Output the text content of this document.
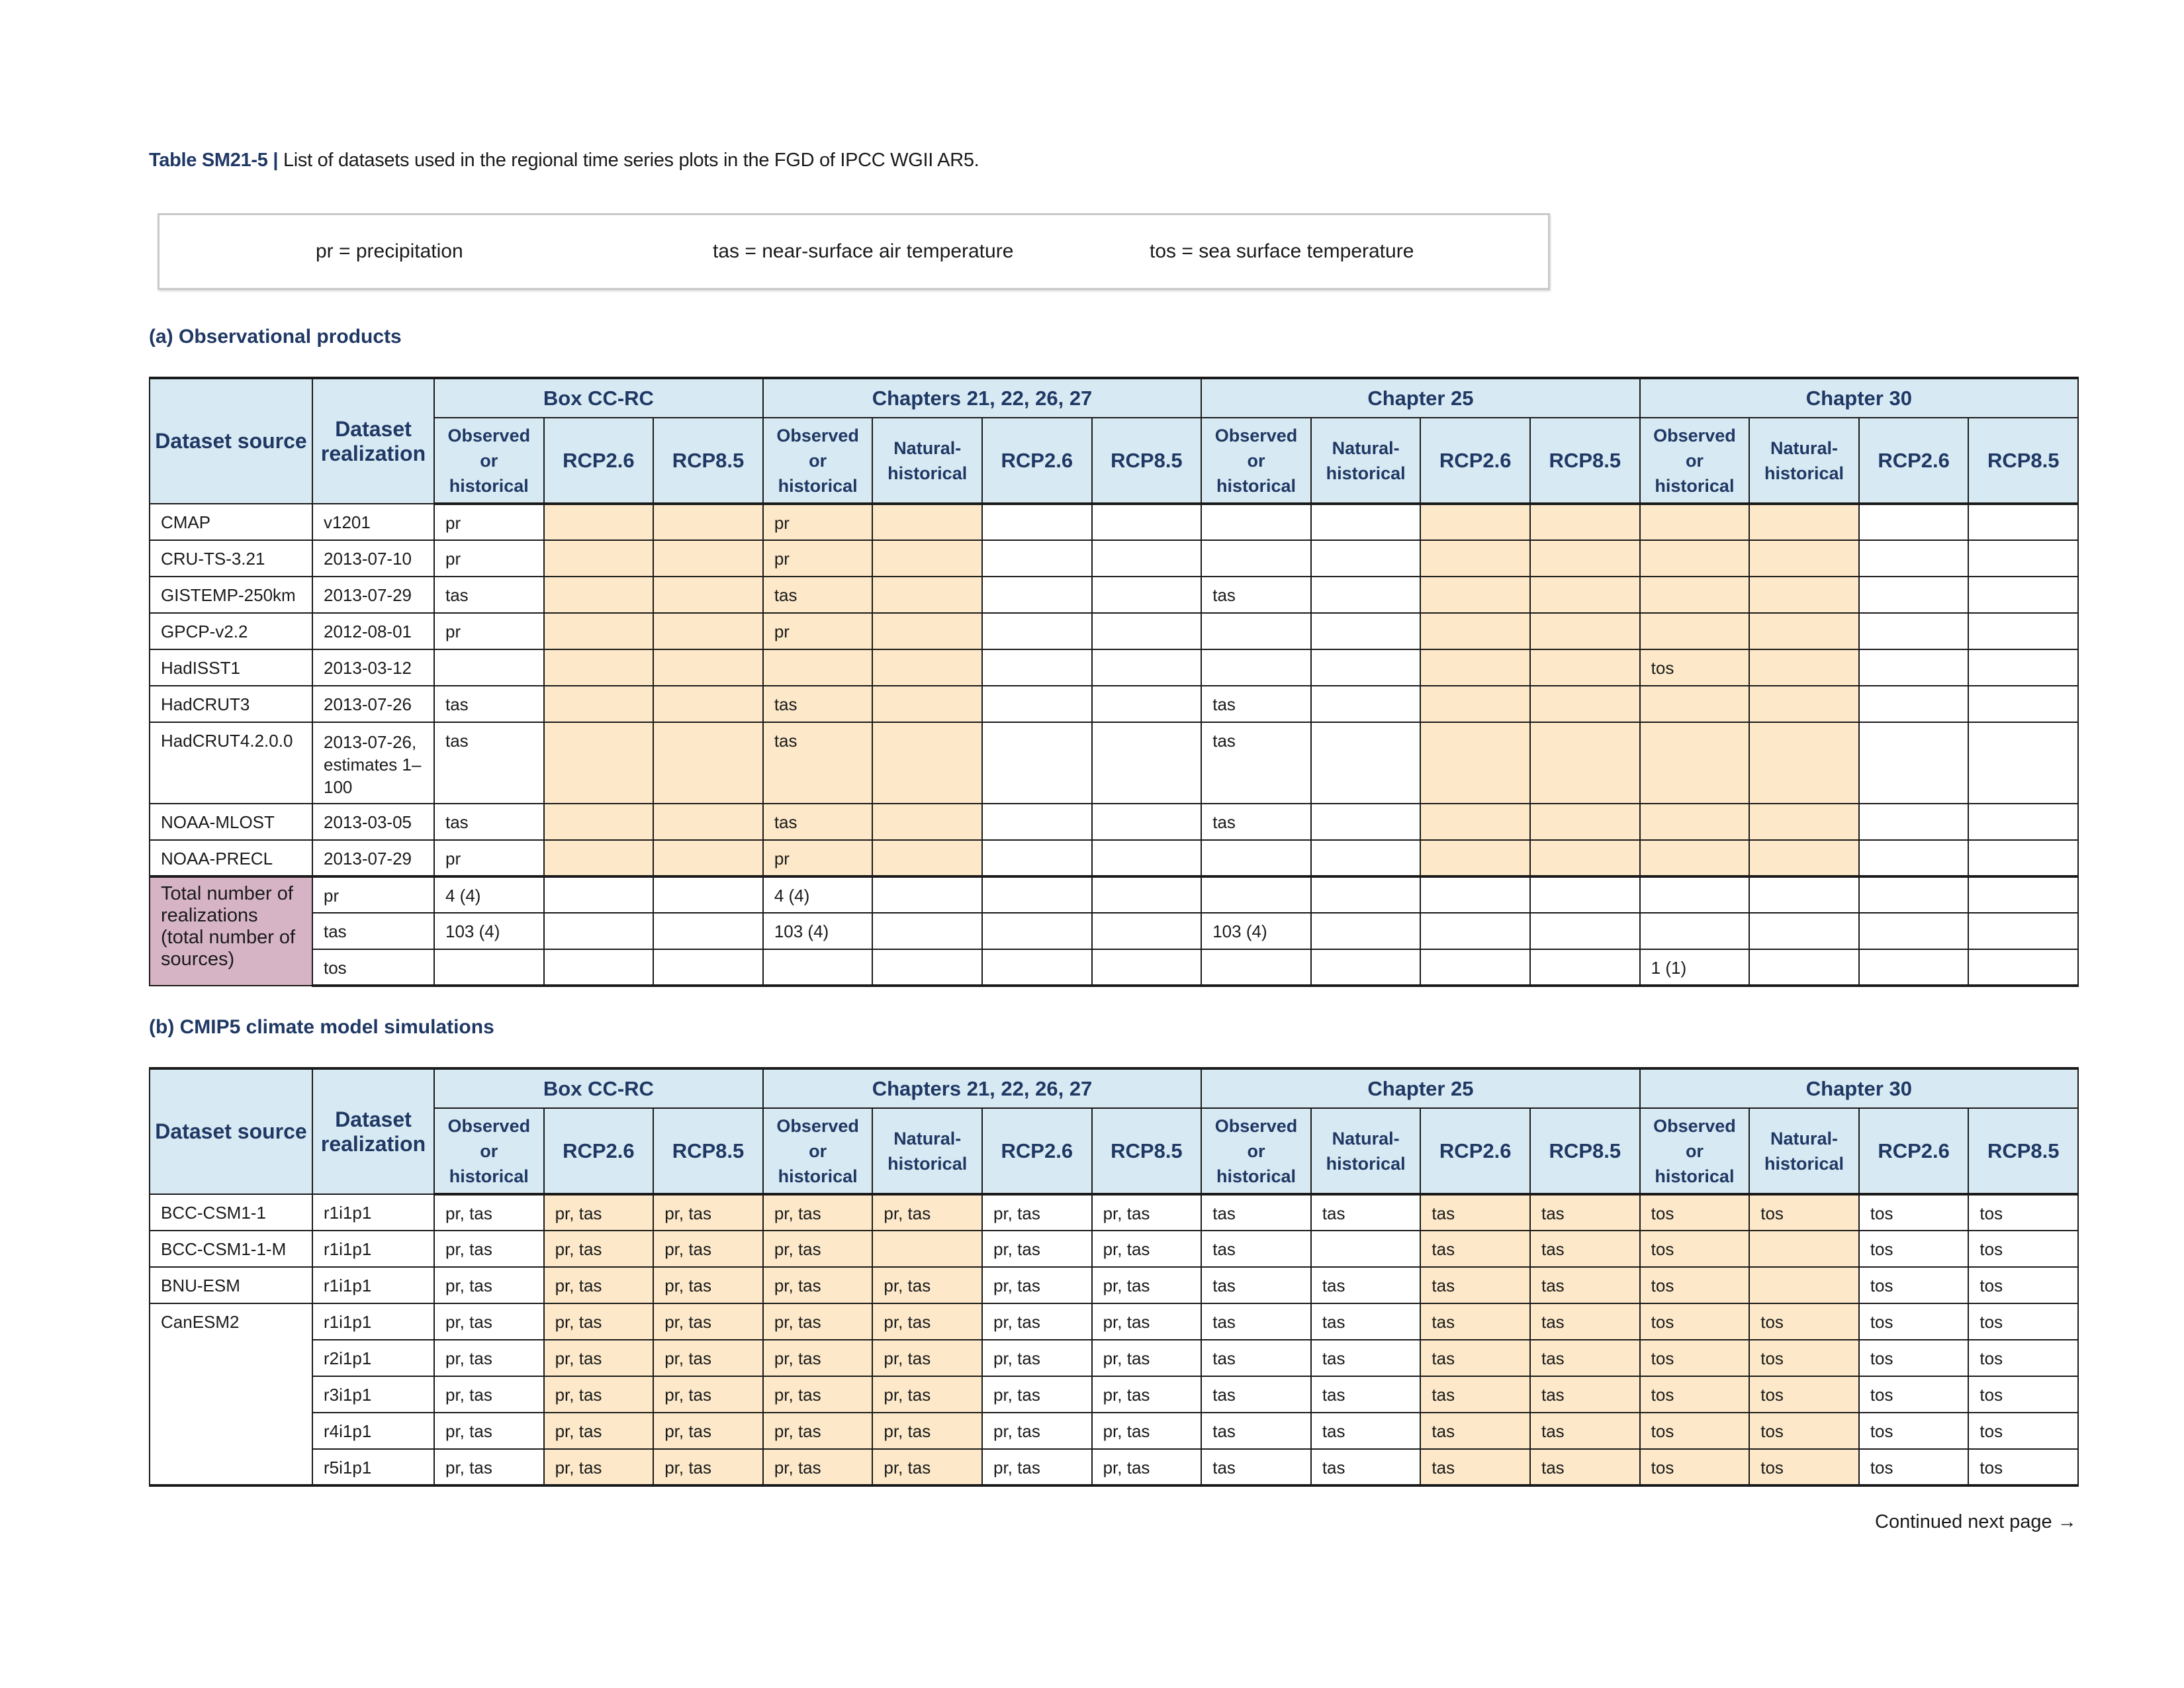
Table SM21-5 | List of datasets used in the regional time series plots in the FGD of IPCC WGII AR5.
pr = precipitation	tas = near-surface air temperature	tos = sea surface temperature
(a) Observational products
Dataset source	Dataset realization	Box CC-RC			Chapters 21, 22, 26, 27				Chapter 25				Chapter 30			
		Observed or historical	RCP2.6	RCP8.5	Observed or historical	Natural-historical	RCP2.6	RCP8.5	Observed or historical	Natural-historical	RCP2.6	RCP8.5	Observed or historical	Natural-historical	RCP2.6	RCP8.5
CMAP	v1201	pr			pr											
CRU-TS-3.21	2013-07-10	pr			pr											
GISTEMP-250km	2013-07-29	tas			tas				tas							
GPCP-v2.2	2012-08-01	pr			pr											
HadISST1	2013-03-12												tos			
HadCRUT3	2013-07-26	tas			tas				tas							
HadCRUT4.2.0.0	2013-07-26, estimates 1–100	tas			tas				tas							
NOAA-MLOST	2013-03-05	tas			tas				tas							
NOAA-PRECL	2013-07-29	pr			pr											
Total number of realizations (total number of sources)	pr	4 (4)			4 (4)											
	tas	103 (4)			103 (4)				103 (4)							
	tos												1 (1)			
(b) CMIP5 climate model simulations
Dataset source	Dataset realization	Box CC-RC			Chapters 21, 22, 26, 27				Chapter 25				Chapter 30			
		Observed or historical	RCP2.6	RCP8.5	Observed or historical	Natural-historical	RCP2.6	RCP8.5	Observed or historical	Natural-historical	RCP2.6	RCP8.5	Observed or historical	Natural-historical	RCP2.6	RCP8.5
BCC-CSM1-1	r1i1p1	pr, tas	pr, tas	pr, tas	pr, tas	pr, tas	pr, tas	pr, tas	tas	tas	tas	tas	tos	tos	tos	tos
BCC-CSM1-1-M	r1i1p1	pr, tas	pr, tas	pr, tas	pr, tas		pr, tas	pr, tas	tas		tas	tas	tos		tos	tos
BNU-ESM	r1i1p1	pr, tas	pr, tas	pr, tas	pr, tas	pr, tas	pr, tas	pr, tas	tas	tas	tas	tas	tos		tos	tos
CanESM2	r1i1p1	pr, tas	pr, tas	pr, tas	pr, tas	pr, tas	pr, tas	pr, tas	tas	tas	tas	tas	tos	tos	tos	tos
	r2i1p1	pr, tas	pr, tas	pr, tas	pr, tas	pr, tas	pr, tas	pr, tas	tas	tas	tas	tas	tos	tos	tos	tos
	r3i1p1	pr, tas	pr, tas	pr, tas	pr, tas	pr, tas	pr, tas	pr, tas	tas	tas	tas	tas	tos	tos	tos	tos
	r4i1p1	pr, tas	pr, tas	pr, tas	pr, tas	pr, tas	pr, tas	pr, tas	tas	tas	tas	tas	tos	tos	tos	tos
	r5i1p1	pr, tas	pr, tas	pr, tas	pr, tas	pr, tas	pr, tas	pr, tas	tas	tas	tas	tas	tos	tos	tos	tos
Continued next page →
